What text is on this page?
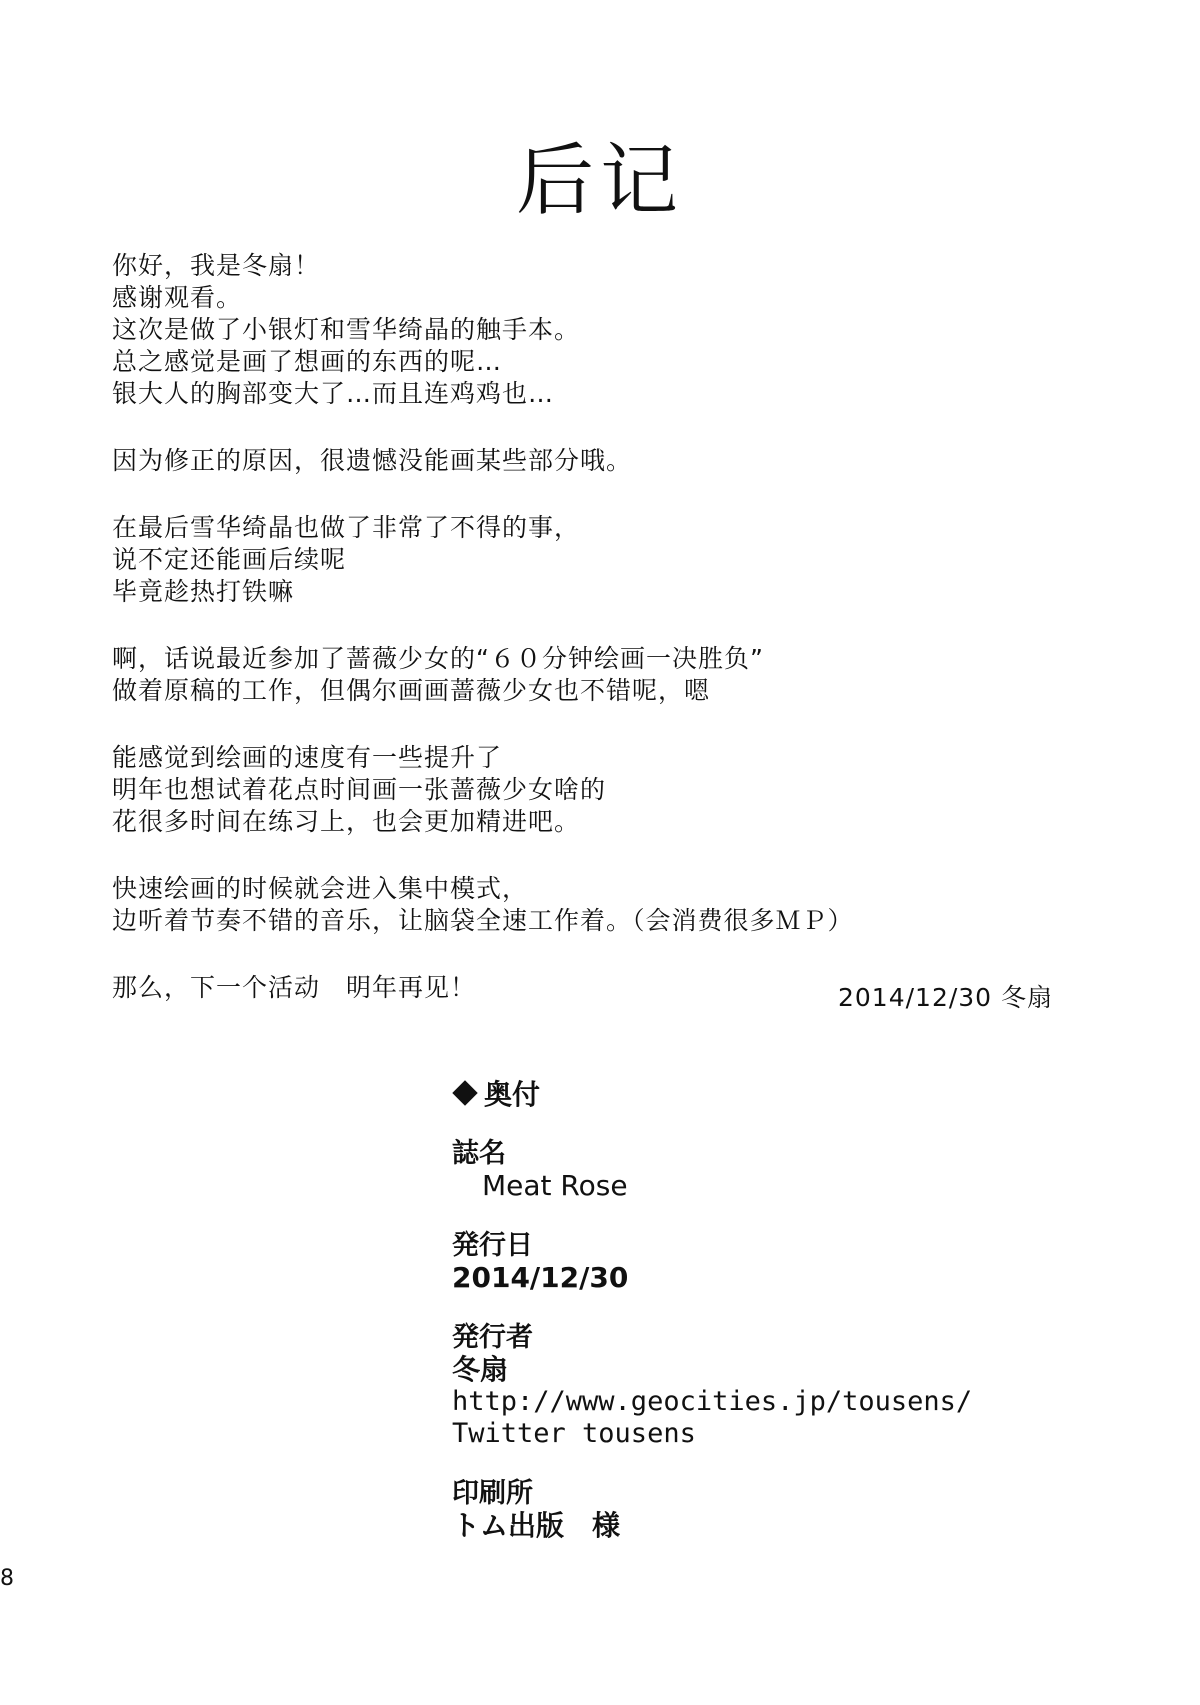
后记
你好，我是冬扇！
感谢观看。
这次是做了小银灯和雪华绮晶的触手本。
总之感觉是画了想画的东西的呢…
银大人的胸部变大了…而且连鸡鸡也…
因为修正的原因，很遗憾没能画某些部分哦。
在最后雪华绮晶也做了非常了不得的事，
说不定还能画后续呢
毕竟趁热打铁嘛
啊，话说最近参加了蔷薇少女的“６０分钟绘画一决胜负”
做着原稿的工作，但偶尔画画蔷薇少女也不错呢，嗯
能感觉到绘画的速度有一些提升了
明年也想试着花点时间画一张蔷薇少女啥的
花很多时间在练习上，也会更加精进吧。
快速绘画的时候就会进入集中模式，
边听着节奏不错的音乐，让脑袋全速工作着。（会消费很多ＭＰ）
那么，下一个活动　明年再见！	2014/12/30 冬扇
奥付
誌名
Meat Rose
発行日
2014/12/30
発行者
冬扇
http://www.geocities.jp/tousens/
Twitter tousens
印刷所
トム出版　様
8
